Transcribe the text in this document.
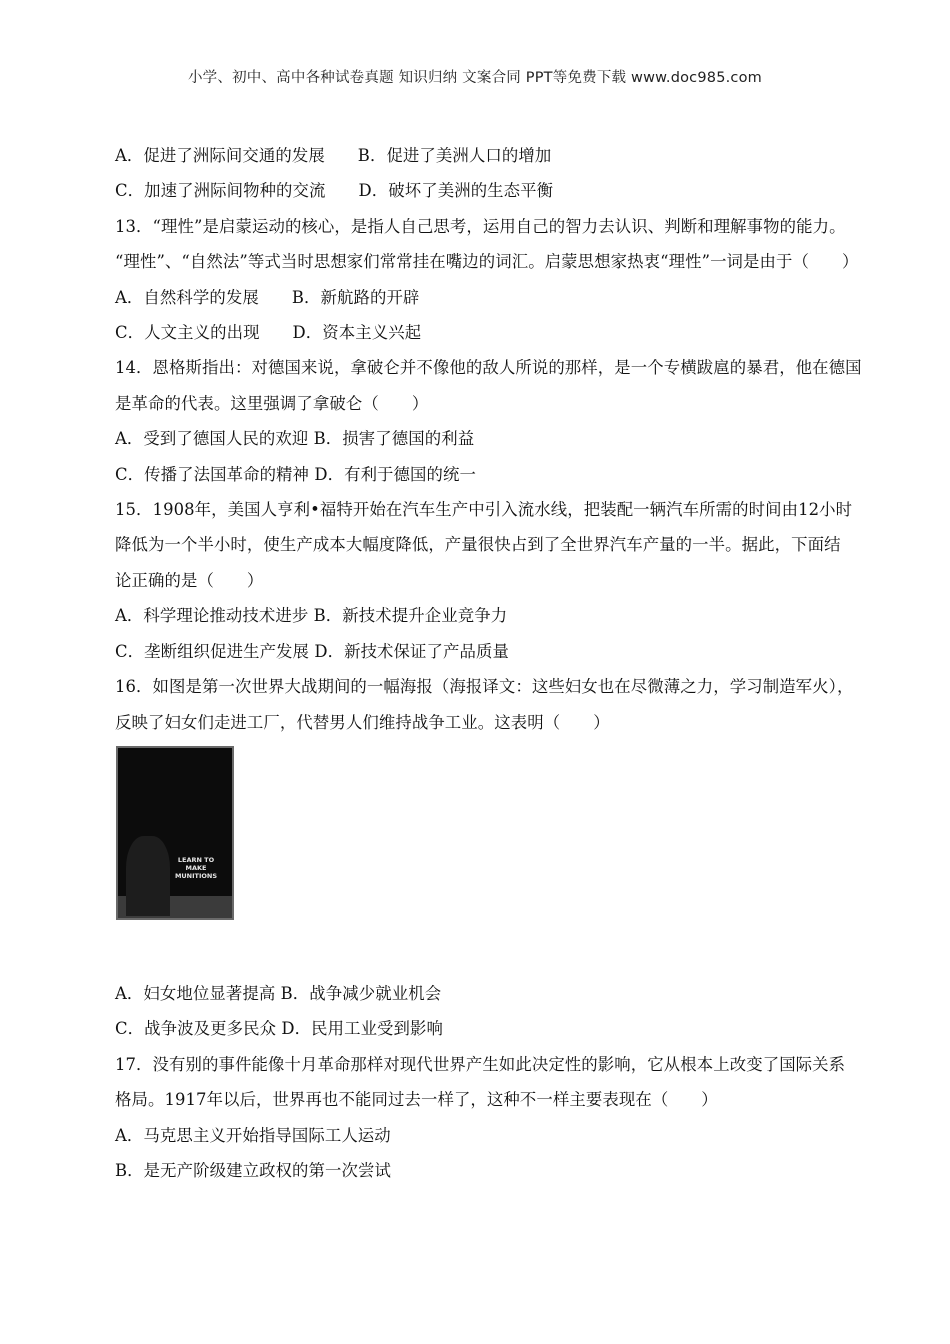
小学、初中、高中各种试卷真题 知识归纳 文案合同 PPT等免费下载 www.doc985.com
A．促进了洲际间交通的发展　　B．促进了美洲人口的增加
C．加速了洲际间物种的交流　　D．破坏了美洲的生态平衡
13．“理性”是启蒙运动的核心，是指人自己思考，运用自己的智力去认识、判断和理解事物的能力。
“理性”、“自然法”等式当时思想家们常常挂在嘴边的词汇。启蒙思想家热衷“理性”一词是由于（　　）
A．自然科学的发展　　B．新航路的开辟
C．人文主义的出现　　D．资本主义兴起
14．恩格斯指出：对德国来说，拿破仑并不像他的敌人所说的那样，是一个专横跋扈的暴君，他在德国
是革命的代表。这里强调了拿破仑（　　）
A．受到了德国人民的欢迎 B．损害了德国的利益
C．传播了法国革命的精神 D．有利于德国的统一
15．1908年，美国人亨利•福特开始在汽车生产中引入流水线，把装配一辆汽车所需的时间由12小时
降低为一个半小时，使生产成本大幅度降低，产量很快占到了全世界汽车产量的一半。据此，下面结
论正确的是（　　）
A．科学理论推动技术进步 B．新技术提升企业竞争力
C．垄断组织促进生产发展 D．新技术保证了产品质量
16．如图是第一次世界大战期间的一幅海报（海报译文：这些妇女也在尽微薄之力，学习制造军火），
反映了妇女们走进工厂，代替男人们维持战争工业。这表明（　　）
LEARN TO MAKE MUNITIONS
A．妇女地位显著提高 B．战争减少就业机会
C．战争波及更多民众 D．民用工业受到影响
17．没有别的事件能像十月革命那样对现代世界产生如此决定性的影响，它从根本上改变了国际关系
格局。1917年以后，世界再也不能同过去一样了，这种不一样主要表现在（　　）
A．马克思主义开始指导国际工人运动
B．是无产阶级建立政权的第一次尝试
